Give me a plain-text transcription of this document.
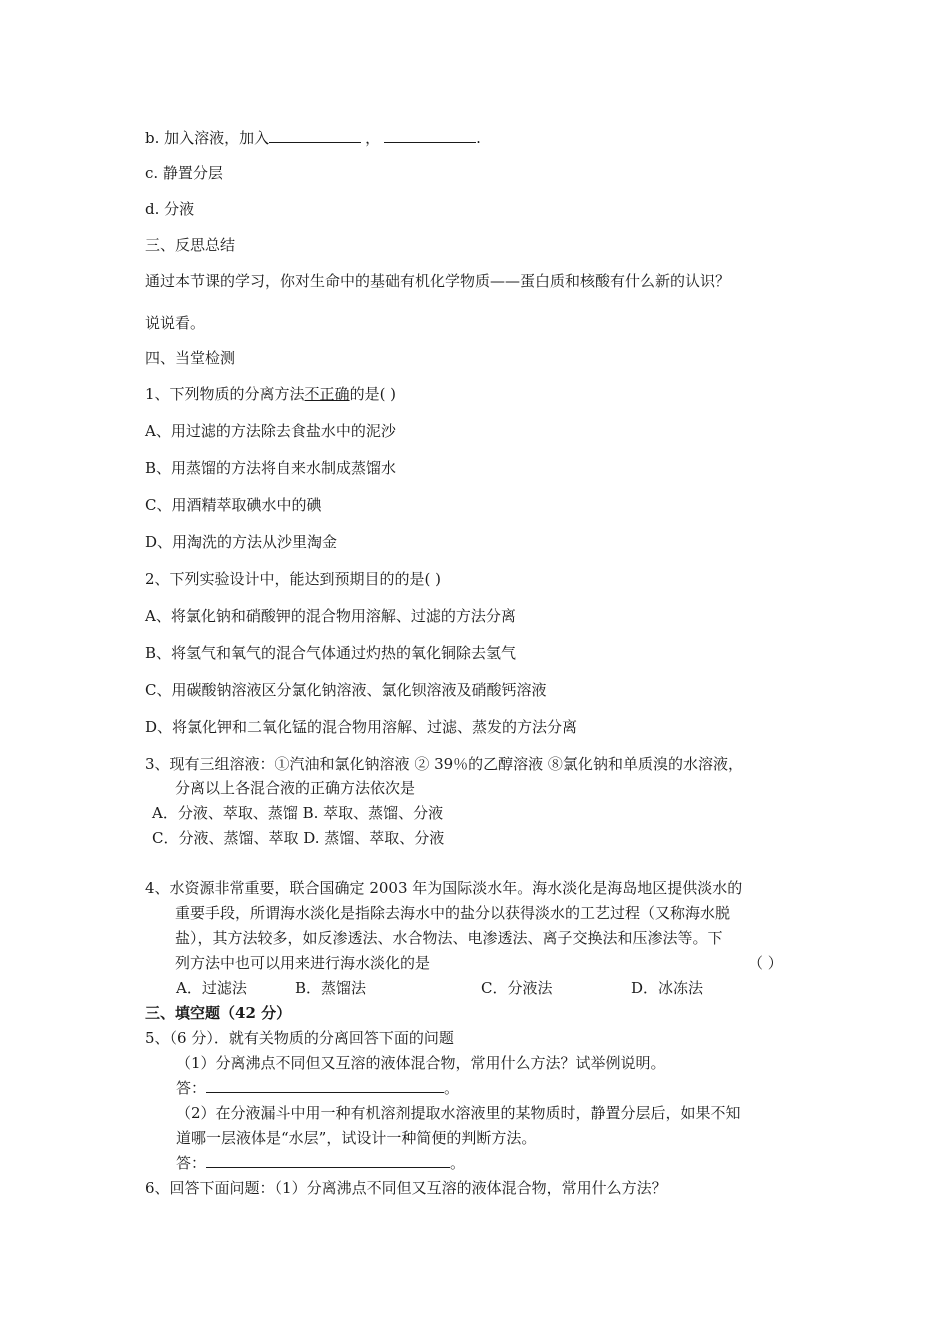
b. 加入溶液，加入	，	.
c. 静置分层
d. 分液
三、反思总结
通过本节课的学习，你对生命中的基础有机化学物质——蛋白质和核酸有什么新的认识？
说说看。
四、当堂检测
1、下列物质的分离方法不正确的是( )
A、用过滤的方法除去食盐水中的泥沙
B、用蒸馏的方法将自来水制成蒸馏水
C、用酒精萃取碘水中的碘
D、用淘洗的方法从沙里淘金
2、下列实验设计中，能达到预期目的的是( )
A、将氯化钠和硝酸钾的混合物用溶解、过滤的方法分离
B、将氢气和氧气的混合气体通过灼热的氧化铜除去氢气
C、用碳酸钠溶液区分氯化钠溶液、氯化钡溶液及硝酸钙溶液
D、将氯化钾和二氧化锰的混合物用溶解、过滤、蒸发的方法分离
3、现有三组溶液：①汽油和氯化钠溶液 ② 39％的乙醇溶液 ⑧氯化钠和单质溴的水溶液，
分离以上各混合液的正确方法依次是
A．分液、萃取、蒸馏 B. 萃取、蒸馏、分液
C．分液、蒸馏、萃取 D. 蒸馏、萃取、分液
4、水资源非常重要，联合国确定 2003 年为国际淡水年。海水淡化是海岛地区提供淡水的
重要手段，所谓海水淡化是指除去海水中的盐分以获得淡水的工艺过程（又称海水脱
盐），其方法较多，如反渗透法、水合物法、电渗透法、离子交换法和压渗法等。下
列方法中也可以用来进行海水淡化的是	（ ）
A．过滤法	B．蒸馏法	C．分液法	D．冰冻法
三、填空题（42 分）
5、（6 分）．就有关物质的分离回答下面的问题
（1）分离沸点不同但又互溶的液体混合物，常用什么方法？试举例说明。
答：	。
（2）在分液漏斗中用一种有机溶剂提取水溶液里的某物质时，静置分层后，如果不知
道哪一层液体是“水层”，试设计一种简便的判断方法。
答：	。
6、回答下面问题：（1）分离沸点不同但又互溶的液体混合物，常用什么方法？
